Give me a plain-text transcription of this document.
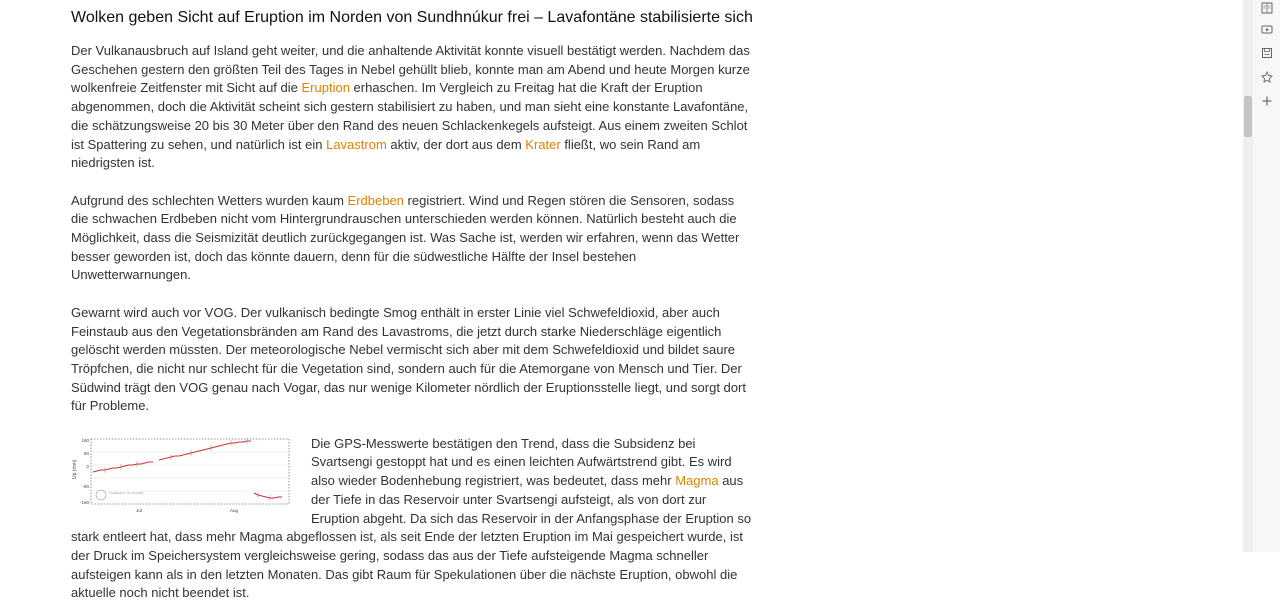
Wolken geben Sicht auf Eruption im Norden von Sundhnúkur frei – Lavafontäne stabilisierte sich

Der Vulkanausbruch auf Island geht weiter, und die anhaltende Aktivität konnte visuell bestätigt werden. Nachdem das Geschehen gestern den größten Teil des Tages in Nebel gehüllt blieb, konnte man am Abend und heute Morgen kurze wolkenfreie Zeitfenster mit Sicht auf die Eruption erhaschen. Im Vergleich zu Freitag hat die Kraft der Eruption abgenommen, doch die Aktivität scheint sich gestern stabilisiert zu haben, und man sieht eine konstante Lavafontäne, die schätzungsweise 20 bis 30 Meter über den Rand des neuen Schlackenkegels aufsteigt. Aus einem zweiten Schlot ist Spattering zu sehen, und natürlich ist ein Lavastrom aktiv, der dort aus dem Krater fließt, wo sein Rand am niedrigsten ist.

Aufgrund des schlechten Wetters wurden kaum Erdbeben registriert. Wind und Regen stören die Sensoren, sodass die schwachen Erdbeben nicht vom Hintergrundrauschen unterschieden werden können. Natürlich besteht auch die Möglichkeit, dass die Seismizität deutlich zurückgegangen ist. Was Sache ist, werden wir erfahren, wenn das Wetter besser geworden ist, doch das könnte dauern, denn für die südwestliche Hälfte der Insel bestehen Unwetterwarnungen.

Gewarnt wird auch vor VOG. Der vulkanisch bedingte Smog enthält in erster Linie viel Schwefeldioxid, aber auch Feinstaub aus den Vegetationsbränden am Rand des Lavastroms, die jetzt durch starke Niederschläge eigentlich gelöscht werden müssten. Der meteorologische Nebel vermischt sich aber mit dem Schwefeldioxid und bildet saure Tröpfchen, die nicht nur schlecht für die Vegetation sind, sondern auch für die Atemorgane von Mensch und Tier. Der Südwind trägt den VOG genau nach Vogar, das nur wenige Kilometer nördlich der Eruptionsstelle liegt, und sorgt dort für Probleme.

Up (mm)
160
80
0
-80
-160
Jul	Aug
UNIVERSITY OF ICELAND
Die GPS-Messwerte bestätigen den Trend, dass die Subsidenz bei Svartsengi gestoppt hat und es einen leichten Aufwärtstrend gibt. Es wird also wieder Bodenhebung registriert, was bedeutet, dass mehr Magma aus der Tiefe in das Reservoir unter Svartsengi aufsteigt, als von dort zur Eruption abgeht. Da sich das Reservoir in der Anfangsphase der Eruption so stark entleert hat, dass mehr Magma abgeflossen ist, als seit Ende der letzten Eruption im Mai gespeichert wurde, ist der Druck im Speichersystem vergleichsweise gering, sodass das aus der Tiefe aufsteigende Magma schneller aufsteigen kann als in den letzten Monaten. Das gibt Raum für Spekulationen über die nächste Eruption, obwohl die aktuelle noch nicht beendet ist.
